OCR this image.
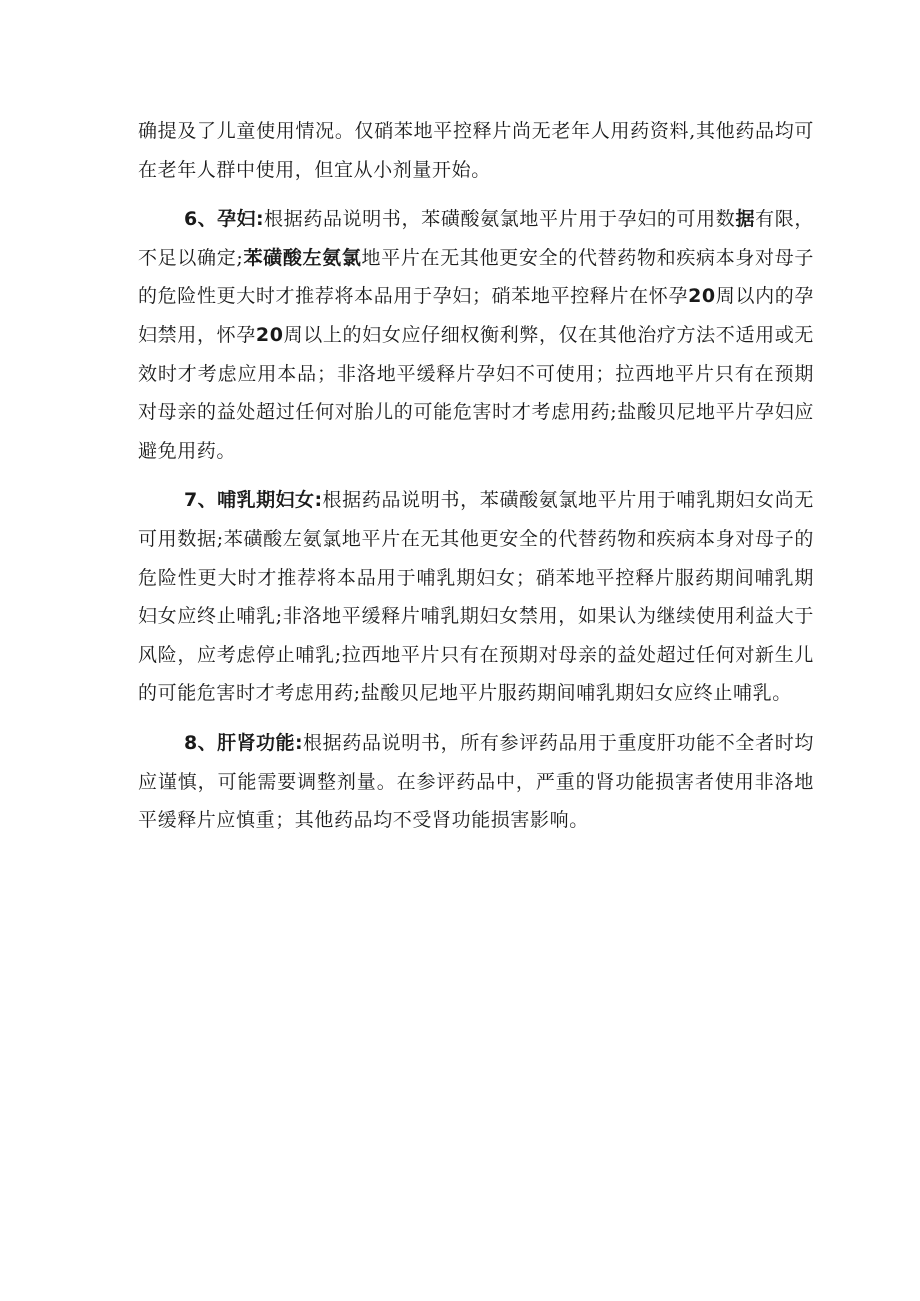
确提及了儿童使用情况。仅硝苯地平控释片尚无老年人用药资料,其他药品均可在老年人群中使用，但宜从小剂量开始。

6、孕妇:根据药品说明书，苯磺酸氨氯地平片用于孕妇的可用数据有限，不足以确定;苯磺酸左氨氯地平片在无其他更安全的代替药物和疾病本身对母子的危险性更大时才推荐将本品用于孕妇；硝苯地平控释片在怀孕20周以内的孕妇禁用，怀孕20周以上的妇女应仔细权衡利弊，仅在其他治疗方法不适用或无效时才考虑应用本品；非洛地平缓释片孕妇不可使用；拉西地平片只有在预期对母亲的益处超过任何对胎儿的可能危害时才考虑用药;盐酸贝尼地平片孕妇应避免用药。

7、哺乳期妇女:根据药品说明书，苯磺酸氨氯地平片用于哺乳期妇女尚无可用数据;苯磺酸左氨氯地平片在无其他更安全的代替药物和疾病本身对母子的危险性更大时才推荐将本品用于哺乳期妇女；硝苯地平控释片服药期间哺乳期妇女应终止哺乳;非洛地平缓释片哺乳期妇女禁用，如果认为继续使用利益大于风险，应考虑停止哺乳;拉西地平片只有在预期对母亲的益处超过任何对新生儿的可能危害时才考虑用药;盐酸贝尼地平片服药期间哺乳期妇女应终止哺乳。

8、肝肾功能:根据药品说明书，所有参评药品用于重度肝功能不全者时均应谨慎，可能需要调整剂量。在参评药品中，严重的肾功能损害者使用非洛地平缓释片应慎重；其他药品均不受肾功能损害影响。
